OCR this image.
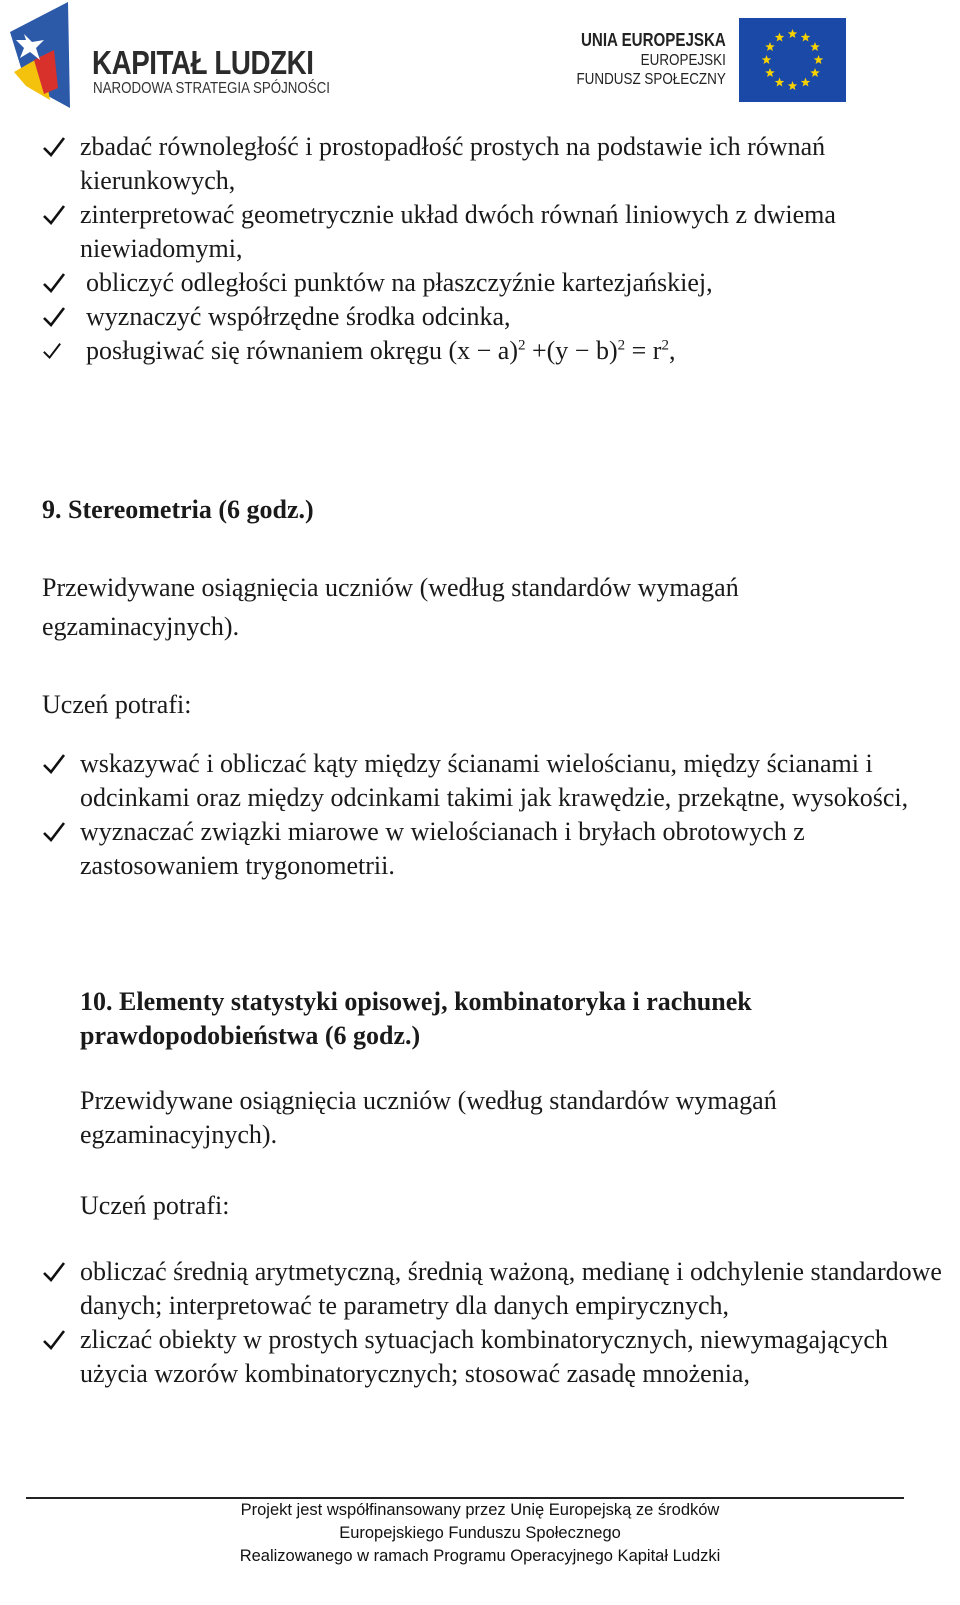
KAPITAŁ LUDZKI
NARODOWA STRATEGIA SPÓJNOŚCI
UNIA EUROPEJSKA
EUROPEJSKI
FUNDUSZ SPOŁECZNY
zbadać równoległość i prostopadłość prostych na podstawie ich równań kierunkowych,
zinterpretować geometrycznie układ dwóch równań liniowych z dwiema niewiadomymi,
obliczyć odległości punktów na płaszczyźnie kartezjańskiej,
wyznaczyć współrzędne środka odcinka,
posługiwać się równaniem okręgu $(x - a)^2 +(y - b)^2 = r^2$,
9. Stereometria (6 godz.)
Przewidywane osiągnięcia uczniów (według standardów wymagań egzaminacyjnych).
Uczeń potrafi:
wskazywać i obliczać kąty między ścianami wielościanu, między ścianami i odcinkami oraz między odcinkami takimi jak krawędzie, przekątne, wysokości,
wyznaczać związki miarowe w wielościanach i bryłach obrotowych z zastosowaniem trygonometrii.
10. Elementy statystyki opisowej, kombinatoryka i rachunek prawdopodobieństwa (6 godz.)
Przewidywane osiągnięcia uczniów (według standardów wymagań egzaminacyjnych).
Uczeń potrafi:
obliczać średnią arytmetyczną, średnią ważoną, medianę i odchylenie standardowe danych; interpretować te parametry dla danych empirycznych,
zliczać obiekty w prostych sytuacjach kombinatorycznych, niewymagających użycia wzorów kombinatorycznych; stosować zasadę mnożenia,
Projekt jest współfinansowany przez Unię Europejską ze środków
Europejskiego Funduszu Społecznego
Realizowanego w ramach Programu Operacyjnego Kapitał Ludzki
